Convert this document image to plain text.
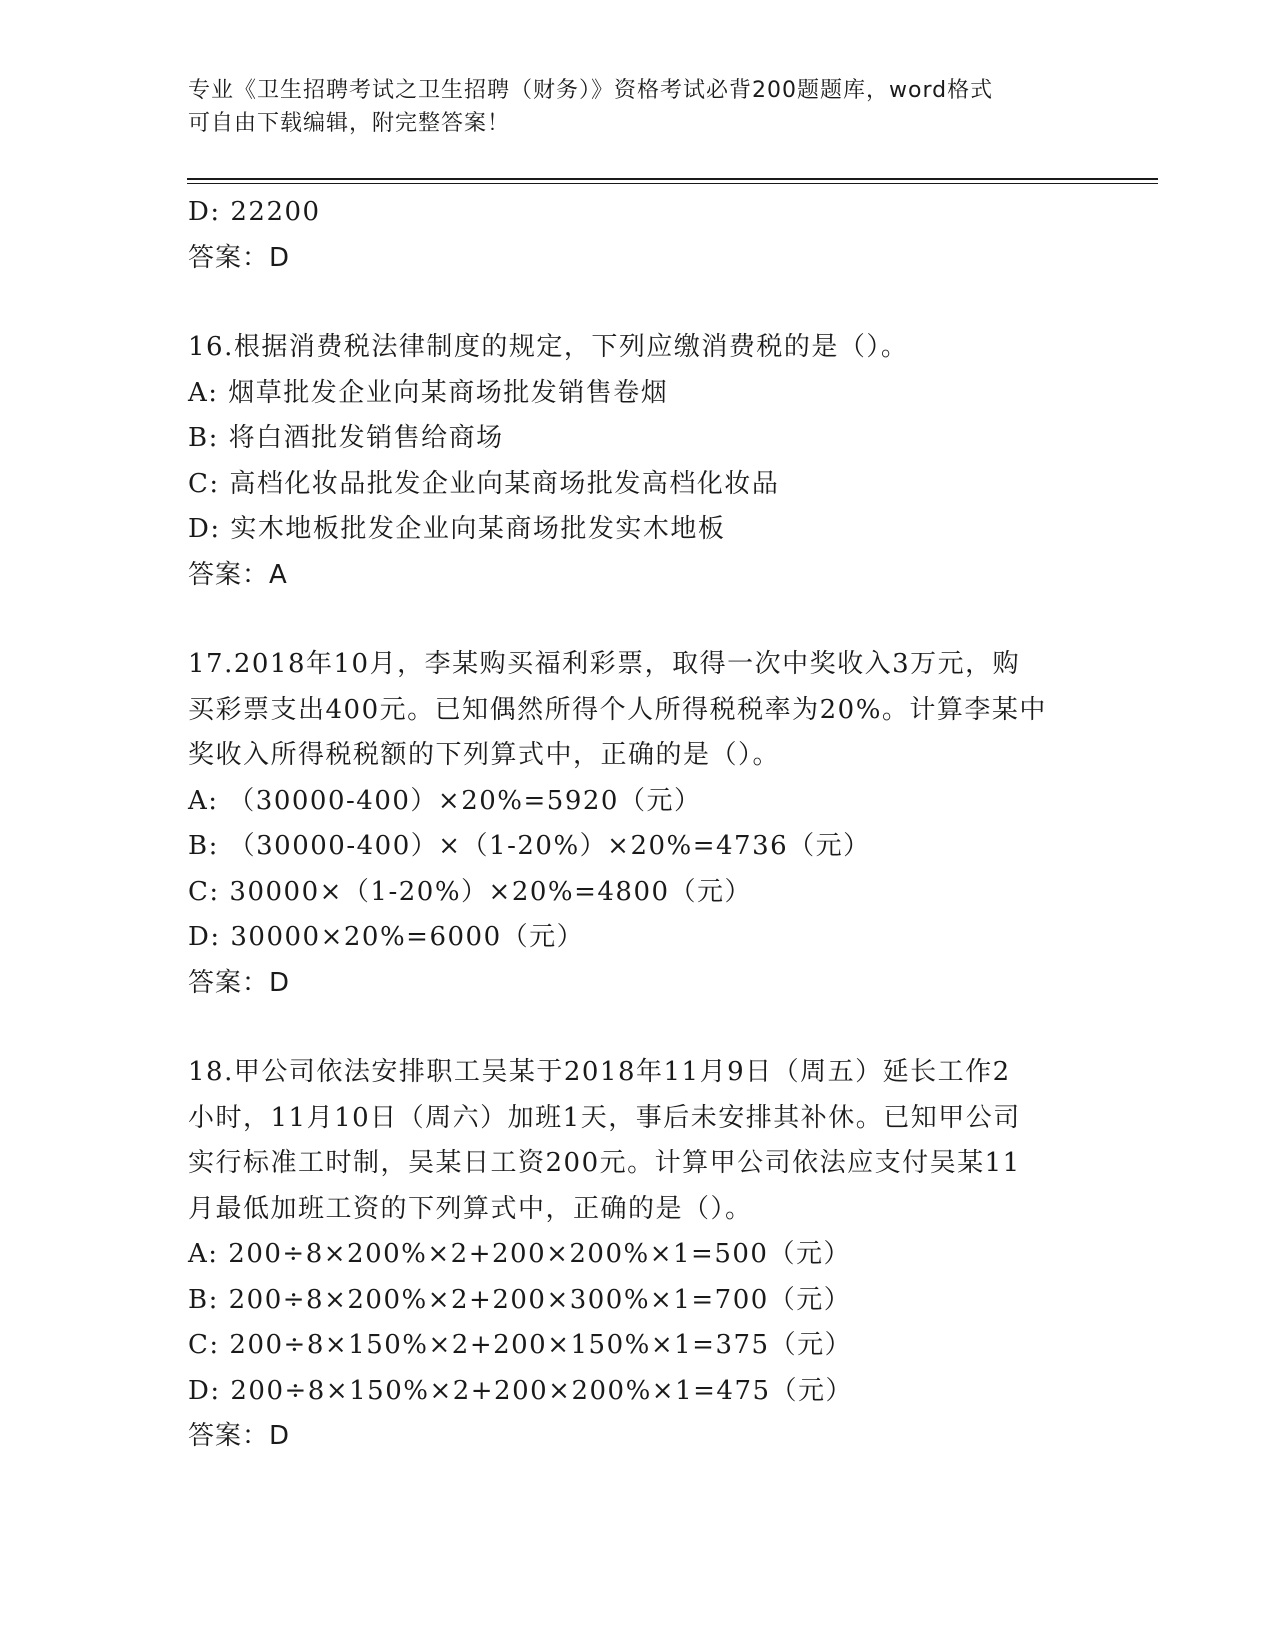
专业《卫生招聘考试之卫生招聘（财务）》资格考试必背200题题库，word格式
可自由下载编辑，附完整答案！
D: 22200
答案：D
16.根据消费税法律制度的规定，下列应缴消费税的是（）。
A: 烟草批发企业向某商场批发销售卷烟
B: 将白酒批发销售给商场
C: 高档化妆品批发企业向某商场批发高档化妆品
D: 实木地板批发企业向某商场批发实木地板
答案：A
17.2018年10月，李某购买福利彩票，取得一次中奖收入3万元，购
买彩票支出400元。已知偶然所得个人所得税税率为20%。计算李某中
奖收入所得税税额的下列算式中，正确的是（）。
A: （30000-400）×20%=5920（元）
B: （30000-400）×（1-20%）×20%=4736（元）
C: 30000×（1-20%）×20%=4800（元）
D: 30000×20%=6000（元）
答案：D
18.甲公司依法安排职工吴某于2018年11月9日（周五）延长工作2
小时，11月10日（周六）加班1天，事后未安排其补休。已知甲公司
实行标准工时制，吴某日工资200元。计算甲公司依法应支付吴某11
月最低加班工资的下列算式中，正确的是（）。
A: 200÷8×200%×2+200×200%×1=500（元）
B: 200÷8×200%×2+200×300%×1=700（元）
C: 200÷8×150%×2+200×150%×1=375（元）
D: 200÷8×150%×2+200×200%×1=475（元）
答案：D
